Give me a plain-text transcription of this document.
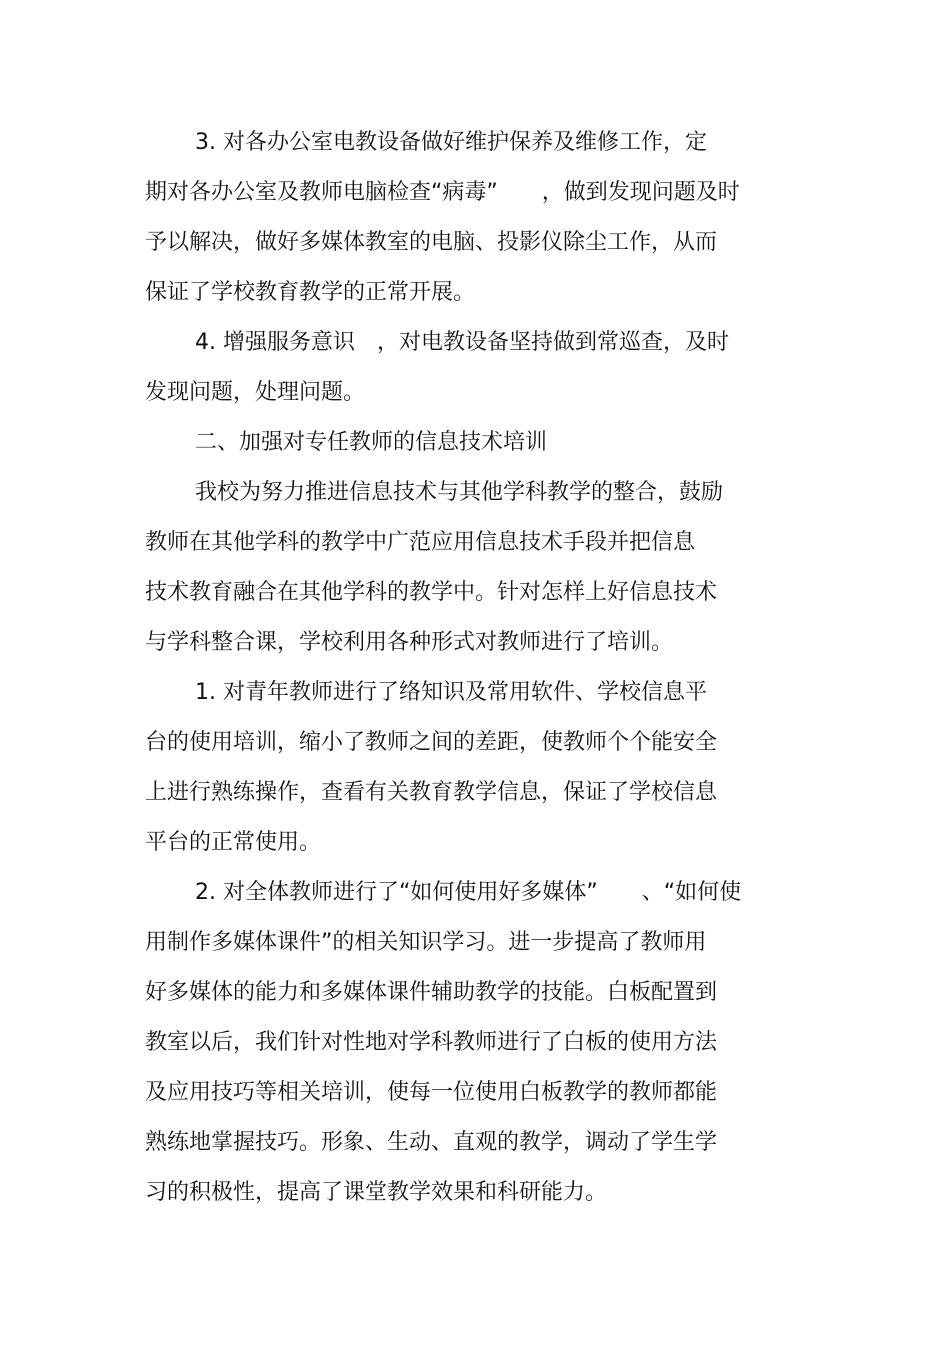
3. 对各办公室电教设备做好维护保养及维修工作，定
期对各办公室及教师电脑检查“病毒”　　，做到发现问题及时
予以解决，做好多媒体教室的电脑、投影仪除尘工作，从而
保证了学校教育教学的正常开展。
4. 增强服务意识　，对电教设备坚持做到常巡查，及时
发现问题，处理问题。
二、加强对专任教师的信息技术培训
我校为努力推进信息技术与其他学科教学的整合，鼓励
教师在其他学科的教学中广范应用信息技术手段并把信息
技术教育融合在其他学科的教学中。针对怎样上好信息技术
与学科整合课，学校利用各种形式对教师进行了培训。
1. 对青年教师进行了络知识及常用软件、学校信息平
台的使用培训，缩小了教师之间的差距，使教师个个能安全
上进行熟练操作，查看有关教育教学信息，保证了学校信息
平台的正常使用。
2. 对全体教师进行了“如何使用好多媒体”　　、“如何使
用制作多媒体课件”的相关知识学习。进一步提高了教师用
好多媒体的能力和多媒体课件辅助教学的技能。白板配置到
教室以后，我们针对性地对学科教师进行了白板的使用方法
及应用技巧等相关培训，使每一位使用白板教学的教师都能
熟练地掌握技巧。形象、生动、直观的教学，调动了学生学
习的积极性，提高了课堂教学效果和科研能力。
